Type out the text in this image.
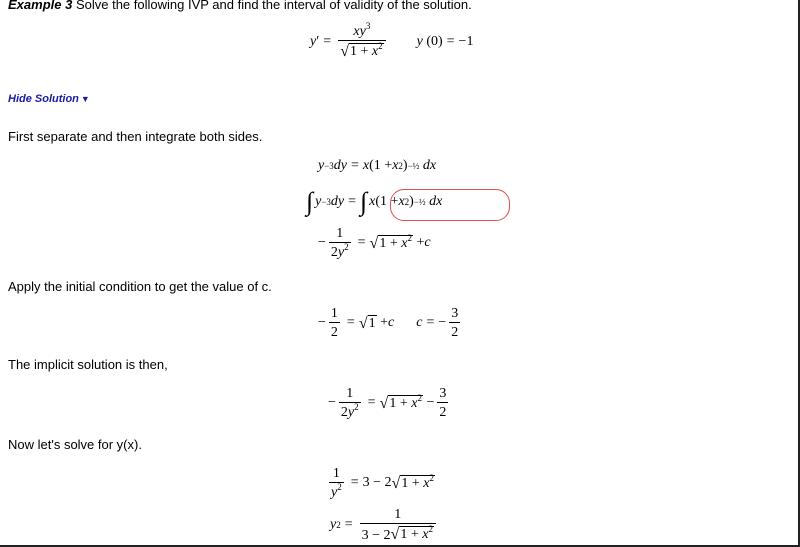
Example 3 Solve the following IVP and find the interval of validity of the solution.
y ′ = $\frac{xy^3}{√ 1 + x^2}$ y (0) = −1
Hide Solution ▼
First separate and then integrate both sides.
y −3 dy = x (1 + x 2 ) −½
dx
∫ y −3 dy = ∫ x (1 + x 2 ) −½
dx
− $\frac{1}{2y^2}$ = √ $1 + x^2 + c$
Apply the initial condition to get the value of c.
− $\frac{1}{2}$ = √ 1 + c c = − $\frac{3}{2}$
The implicit solution is then,
− $\frac{1}{2y^2}$ = √ $1 + x^2 - \frac{3}{2}$
Now let's solve for y(x).
$\frac{1}{y^2} = 3 - 2$ √ $1 + x^2$
y $2 = \frac{1}{3 - 2 √ 1 + x^2}$
